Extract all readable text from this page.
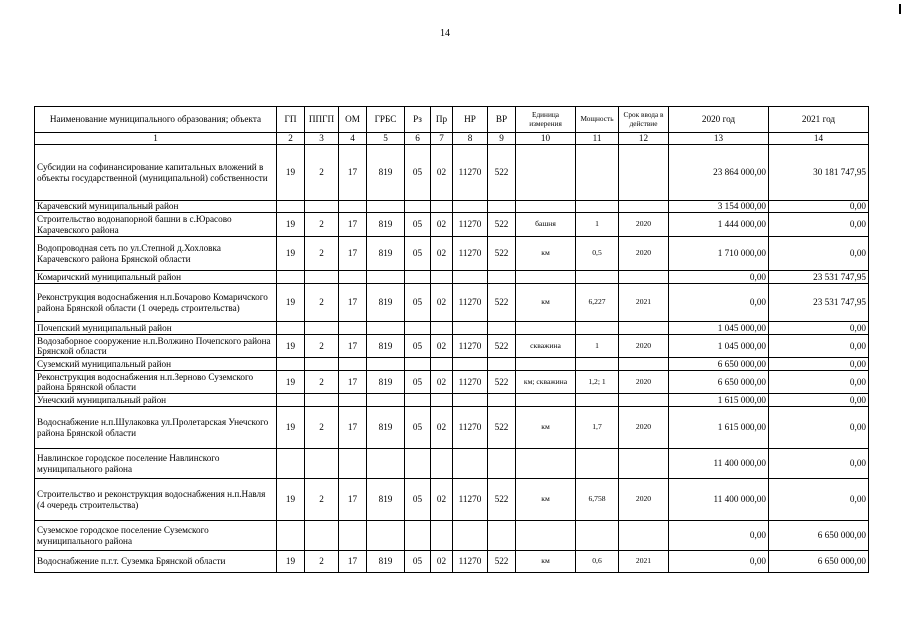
14
Наименование муниципального образования; объекта	ГП	ППГП	ОМ	ГРБС	Рз	Пр	НР	ВР	Единица измерения	Мощность	Срок ввода в действие	2020 год	2021 год
1	2	3	4	5	6	7	8	9	10	11	12	13	14
Субсидии на софинансирование капитальных вложений в объекты государственной (муниципальной) собственности	19	2	17	819	05	02	11270	522				23 864 000,00	30 181 747,95
Карачевский муниципальный район												3 154 000,00	0,00
Строительство водонапорной башни в с.Юрасово Карачевского района	19	2	17	819	05	02	11270	522	башня	1	2020	1 444 000,00	0,00
Водопроводная сеть по ул.Степной д.Хохловка Карачевского района Брянской области	19	2	17	819	05	02	11270	522	км	0,5	2020	1 710 000,00	0,00
Комаричский муниципальный район												0,00	23 531 747,95
Реконструкция водоснабжения н.п.Бочарово Комаричского района Брянской области (1 очередь строительства)	19	2	17	819	05	02	11270	522	км	6,227	2021	0,00	23 531 747,95
Почепский муниципальный район												1 045 000,00	0,00
Водозаборное сооружение н.п.Волжино Почепского района Брянской области	19	2	17	819	05	02	11270	522	скважина	1	2020	1 045 000,00	0,00
Суземский муниципальный район												6 650 000,00	0,00
Реконструкция водоснабжения н.п.Зерново Суземского района Брянской области	19	2	17	819	05	02	11270	522	км; скважина	1,2; 1	2020	6 650 000,00	0,00
Унечский муниципальный район												1 615 000,00	0,00
Водоснабжение н.п.Шулаковка ул.Пролетарская Унечского района Брянской области	19	2	17	819	05	02	11270	522	км	1,7	2020	1 615 000,00	0,00
Навлинское городское поселение Навлинского муниципального района												11 400 000,00	0,00
Строительство и реконструкция водоснабжения н.п.Навля (4 очередь строительства)	19	2	17	819	05	02	11270	522	км	6,758	2020	11 400 000,00	0,00
Суземское городское поселение Суземского муниципального района												0,00	6 650 000,00
Водоснабжение п.г.т. Суземка Брянской области	19	2	17	819	05	02	11270	522	км	0,6	2021	0,00	6 650 000,00
